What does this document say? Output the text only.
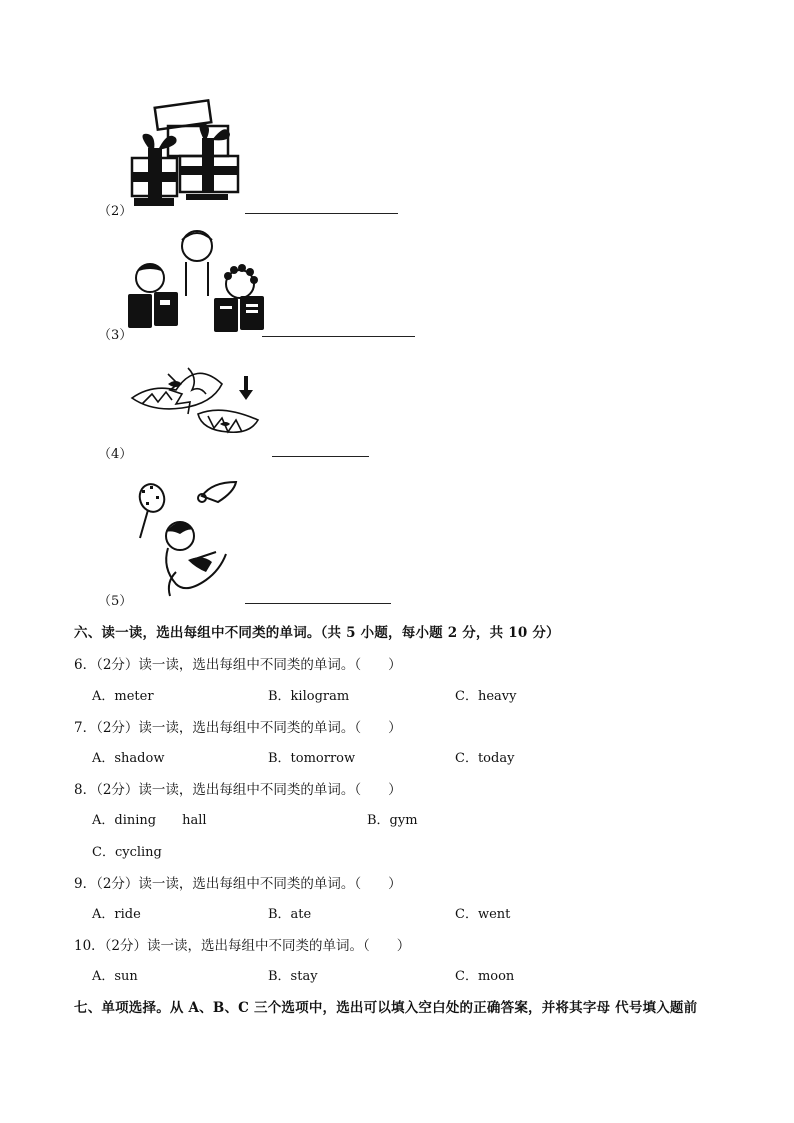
（2）
（3）
（4）
（5）
六、读一读，选出每组中不同类的单词。（共 5 小题，每小题 2 分，共 10 分）
6．（2分）读一读，选出每组中不同类的单词。（　　）
A．meter	B．kilogram	C．heavy
7．（2分）读一读，选出每组中不同类的单词。（　　）
A．shadow	B．tomorrow	C．today
8．（2分）读一读，选出每组中不同类的单词。（　　）
A．dining　　hall	B．gym
C．cycling
9．（2分）读一读，选出每组中不同类的单词。（　　）
A．ride	B．ate	C．went
10．（2分）读一读，选出每组中不同类的单词。（　　）
A．sun	B．stay	C．moon
七、单项选择。从 A、B、C 三个选项中，选出可以填入空白处的正确答案，并将其字母 代号填入题前
